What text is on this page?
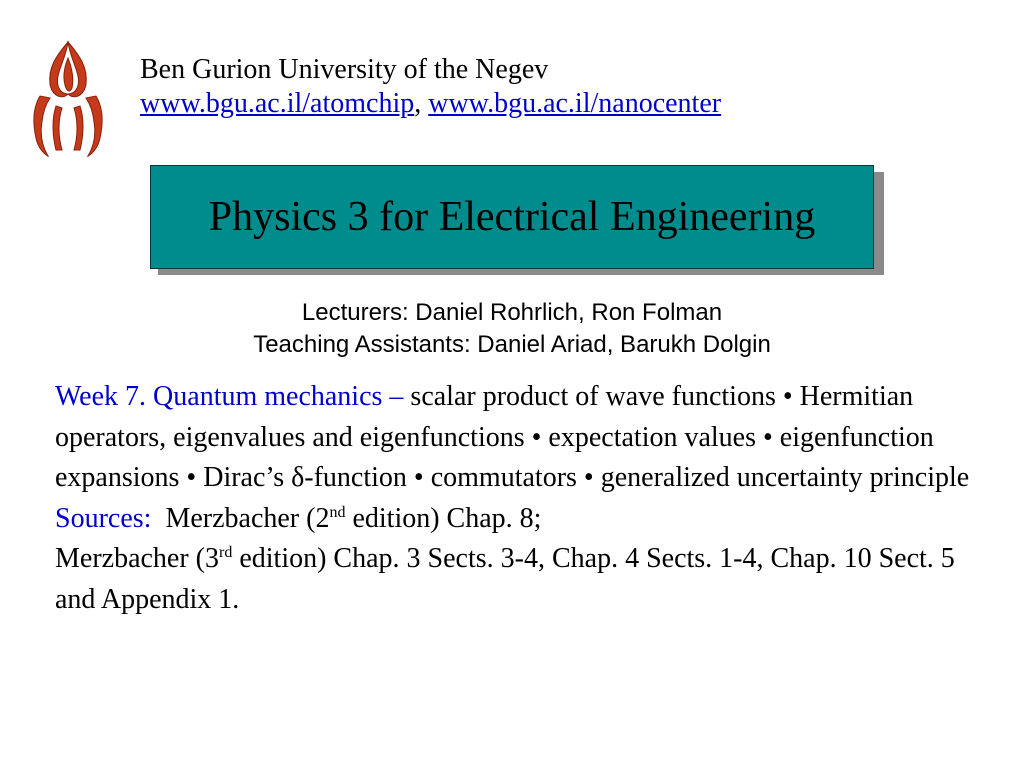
Ben Gurion University of the Negev
www.bgu.ac.il/atomchip, www.bgu.ac.il/nanocenter
Physics 3 for Electrical Engineering
Lecturers: Daniel Rohrlich, Ron Folman
Teaching Assistants: Daniel Ariad, Barukh Dolgin
Week 7. Quantum mechanics – scalar product of wave functions • Hermitian operators, eigenvalues and eigenfunctions • expectation values • eigenfunction expansions • Dirac’s δ-function • commutators • generalized uncertainty principle
Sources: Merzbacher (2nd edition) Chap. 8;
Merzbacher (3rd edition) Chap. 3 Sects. 3-4, Chap. 4 Sects. 1-4, Chap. 10 Sect. 5 and Appendix 1.
